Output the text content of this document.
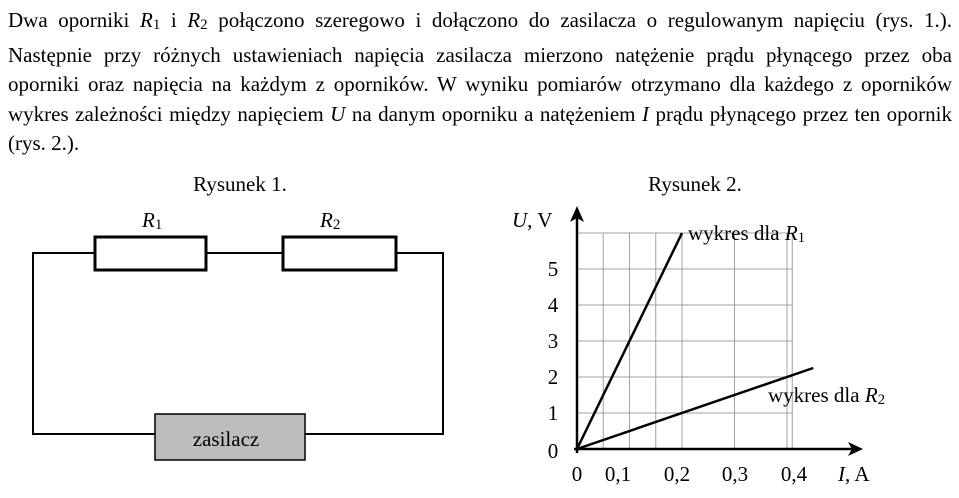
Dwa oporniki R1 i R2 połączono szeregowo i dołączono do zasilacza o regulowanym napięciu (rys. 1.). Następnie przy różnych ustawieniach napięcia zasilacza mierzono natężenie prądu płynącego przez oba oporniki oraz napięcia na każdym z oporników. W wyniku pomiarów otrzymano dla każdego z oporników wykres zależności między napięciem U na danym oporniku a natężeniem I prądu płynącego przez ten opornik (rys. 2.).

Rysunek 1.
zasilacz
R1	R2
Rysunek 2.
0
1
2
3
4
5
0 0,1 0,2 0,3 0,4
U, V
I, A
wykres dla R1
wykres dla R2
